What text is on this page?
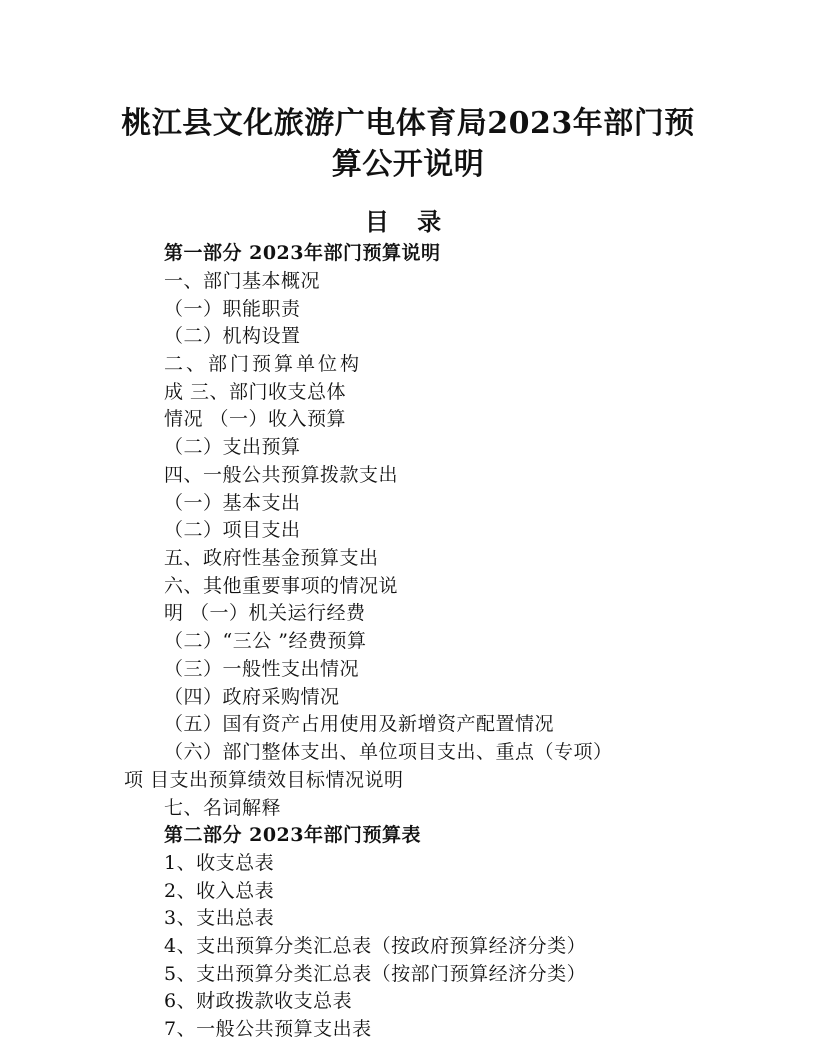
桃江县文化旅游广电体育局2023年部门预
算公开说明
目 录
第一部分 2023年部门预算说明
一、部门基本概况
（一）职能职责
（二）机构设置
二、部门预算单位构
成 三、部门收支总体
情况 （一）收入预算
（二）支出预算
四、一般公共预算拨款支出
（一）基本支出
（二）项目支出
五、政府性基金预算支出
六、其他重要事项的情况说
明 （一）机关运行经费
（二）“三公 ”经费预算
（三）一般性支出情况
（四）政府采购情况
（五）国有资产占用使用及新增资产配置情况
（六）部门整体支出、单位项目支出、重点（专项）
项 目支出预算绩效目标情况说明
七、名词解释
第二部分 2023年部门预算表
1、收支总表
2、收入总表
3、支出总表
4、支出预算分类汇总表（按政府预算经济分类）
5、支出预算分类汇总表（按部门预算经济分类）
6、财政拨款收支总表
7、一般公共预算支出表
